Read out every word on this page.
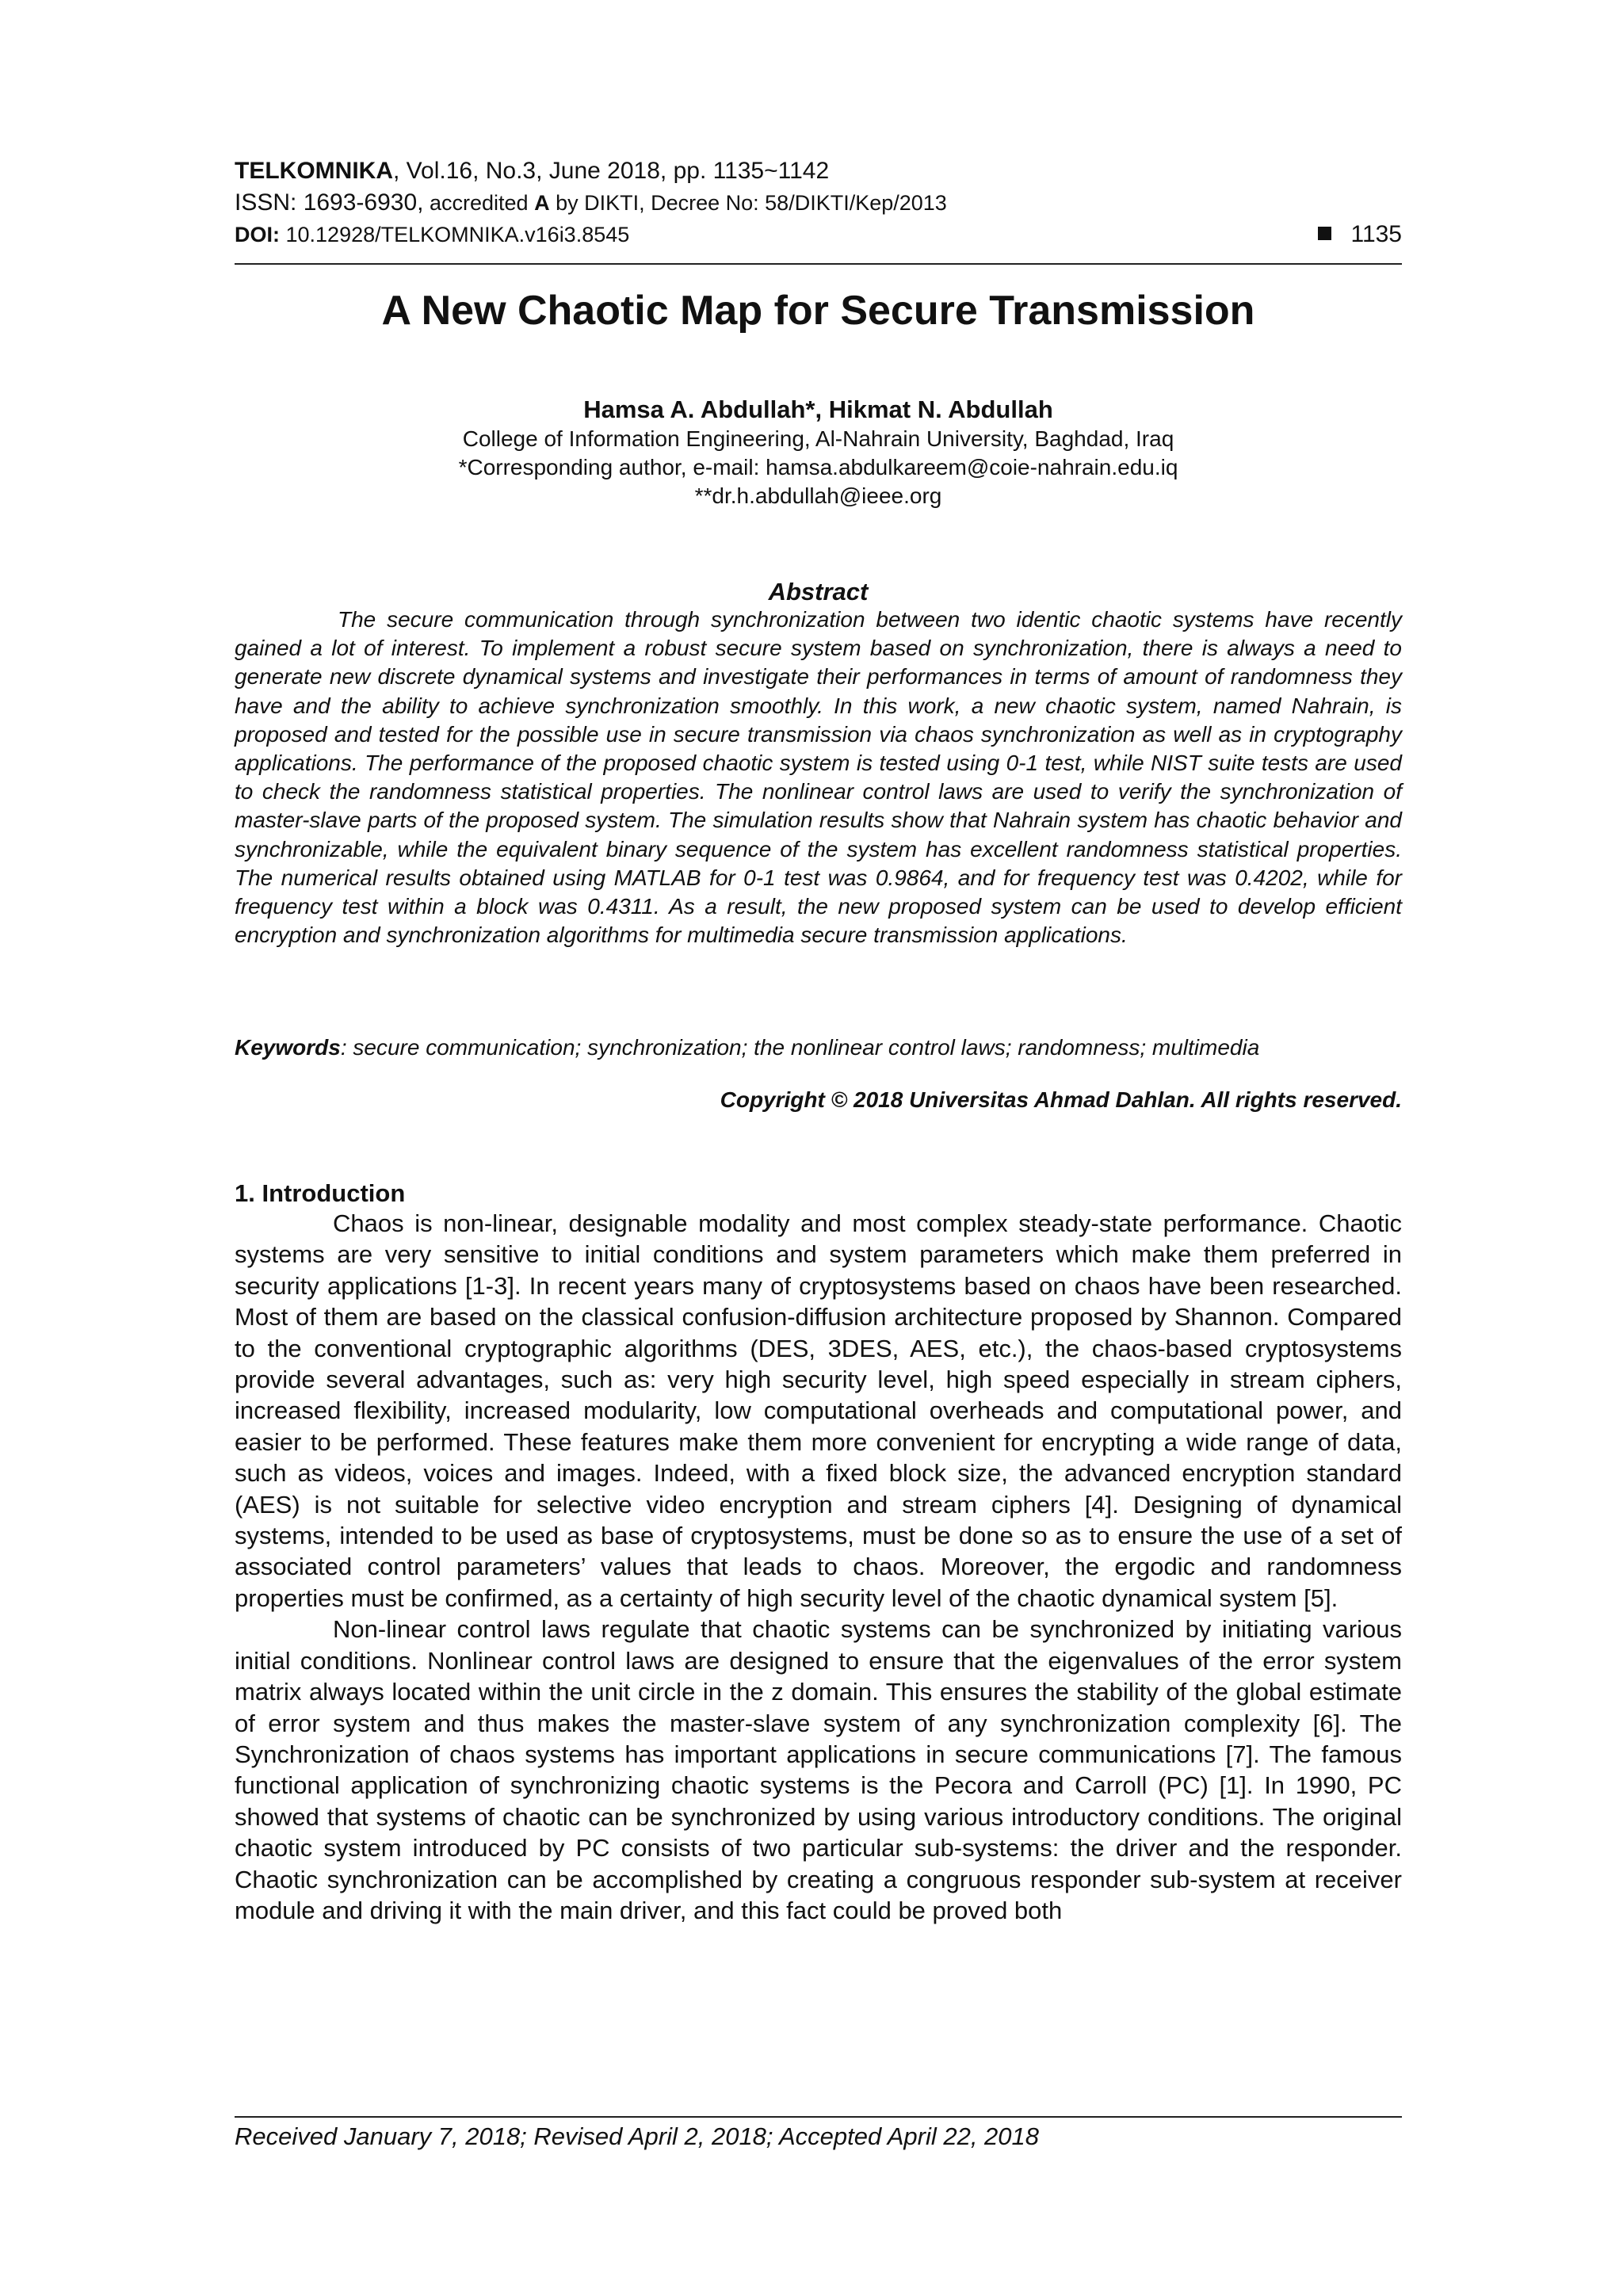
TELKOMNIKA, Vol.16, No.3, June 2018, pp. 1135~1142
ISSN: 1693-6930, accredited A by DIKTI, Decree No: 58/DIKTI/Kep/2013
DOI: 10.12928/TELKOMNIKA.v16i3.8545	1135
A New Chaotic Map for Secure Transmission
Hamsa A. Abdullah*, Hikmat N. Abdullah
College of Information Engineering, Al-Nahrain University, Baghdad, Iraq
*Corresponding author, e-mail: hamsa.abdulkareem@coie-nahrain.edu.iq
**dr.h.abdullah@ieee.org
Abstract
The secure communication through synchronization between two identic chaotic systems have recently gained a lot of interest. To implement a robust secure system based on synchronization, there is always a need to generate new discrete dynamical systems and investigate their performances in terms of amount of randomness they have and the ability to achieve synchronization smoothly. In this work, a new chaotic system, named Nahrain, is proposed and tested for the possible use in secure transmission via chaos synchronization as well as in cryptography applications. The performance of the proposed chaotic system is tested using 0-1 test, while NIST suite tests are used to check the randomness statistical properties. The nonlinear control laws are used to verify the synchronization of master-slave parts of the proposed system. The simulation results show that Nahrain system has chaotic behavior and synchronizable, while the equivalent binary sequence of the system has excellent randomness statistical properties. The numerical results obtained using MATLAB for 0-1 test was 0.9864, and for frequency test was 0.4202, while for frequency test within a block was 0.4311. As a result, the new proposed system can be used to develop efficient encryption and synchronization algorithms for multimedia secure transmission applications.
Keywords: secure communication; synchronization; the nonlinear control laws; randomness; multimedia
Copyright © 2018 Universitas Ahmad Dahlan. All rights reserved.
1. Introduction

Chaos is non-linear, designable modality and most complex steady-state performance. Chaotic systems are very sensitive to initial conditions and system parameters which make them preferred in security applications [1-3]. In recent years many of cryptosystems based on chaos have been researched. Most of them are based on the classical confusion-diffusion architecture proposed by Shannon. Compared to the conventional cryptographic algorithms (DES, 3DES, AES, etc.), the chaos-based cryptosystems provide several advantages, such as: very high security level, high speed especially in stream ciphers, increased flexibility, increased modularity, low computational overheads and computational power, and easier to be performed. These features make them more convenient for encrypting a wide range of data, such as videos, voices and images. Indeed, with a fixed block size, the advanced encryption standard (AES) is not suitable for selective video encryption and stream ciphers [4]. Designing of dynamical systems, intended to be used as base of cryptosystems, must be done so as to ensure the use of a set of associated control parameters’ values that leads to chaos. Moreover, the ergodic and randomness properties must be confirmed, as a certainty of high security level of the chaotic dynamical system [5].

Non-linear control laws regulate that chaotic systems can be synchronized by initiating various initial conditions. Nonlinear control laws are designed to ensure that the eigenvalues of the error system matrix always located within the unit circle in the z domain. This ensures the stability of the global estimate of error system and thus makes the master-slave system of any synchronization complexity [6]. The Synchronization of chaos systems has important applications in secure communications [7]. The famous functional application of synchronizing chaotic systems is the Pecora and Carroll (PC) [1]. In 1990, PC showed that systems of chaotic can be synchronized by using various introductory conditions. The original chaotic system introduced by PC consists of two particular sub-systems: the driver and the responder. Chaotic synchronization can be accomplished by creating a congruous responder sub-system at receiver module and driving it with the main driver, and this fact could be proved both

Received January 7, 2018; Revised April 2, 2018; Accepted April 22, 2018
